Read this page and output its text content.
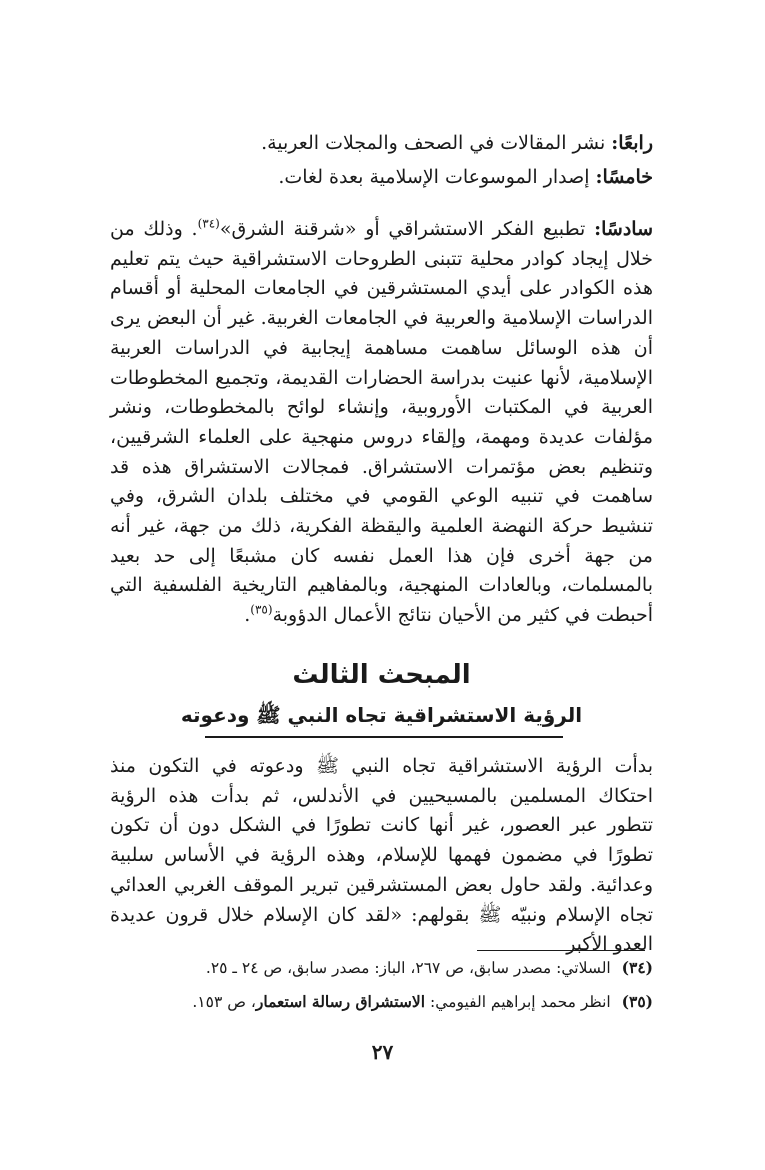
رابعًا: نشر المقالات في الصحف والمجلات العربية.

خامسًا: إصدار الموسوعات الإسلامية بعدة لغات.

سادسًا: تطبيع الفكر الاستشراقي أو «شرقنة الشرق»$^{(٣٤)}$. وذلك من خلال إيجاد كوادر محلية تتبنى الطروحات الاستشراقية حيث يتم تعليم هذه الكوادر على أيدي المستشرقين في الجامعات المحلية أو أقسام الدراسات الإسلامية والعربية في الجامعات الغربية. غير أن البعض يرى أن هذه الوسائل ساهمت مساهمة إيجابية في الدراسات العربية الإسلامية، لأنها عنيت بدراسة الحضارات القديمة، وتجميع المخطوطات العربية في المكتبات الأوروبية، وإنشاء لوائح بالمخطوطات، ونشر مؤلفات عديدة ومهمة، وإلقاء دروس منهجية على العلماء الشرقيين، وتنظيم بعض مؤتمرات الاستشراق. فمجالات الاستشراق هذه قد ساهمت في تنبيه الوعي القومي في مختلف بلدان الشرق، وفي تنشيط حركة النهضة العلمية واليقظة الفكرية، ذلك من جهة، غير أنه من جهة أخرى فإن هذا العمل نفسه كان مشبعًا إلى حد بعيد بالمسلمات، وبالعادات المنهجية، وبالمفاهيم التاريخية الفلسفية التي أحبطت في كثير من الأحيان نتائج الأعمال الدؤوبة$^{(٣٥)}$.

المبحث الثالث
الرؤية الاستشراقية تجاه النبي ﷺ ودعوته

بدأت الرؤية الاستشراقية تجاه النبي ﷺ ودعوته في التكون منذ احتكاك المسلمين بالمسيحيين في الأندلس، ثم بدأت هذه الرؤية تتطور عبر العصور، غير أنها كانت تطورًا في الشكل دون أن تكون تطورًا في مضمون فهمها للإسلام، وهذه الرؤية في الأساس سلبية وعدائية. ولقد حاول بعض المستشرقين تبرير الموقف الغربي العدائي تجاه الإسلام ونبيّه ﷺ بقولهم: «لقد كان الإسلام خلال قرون عديدة العدو الأكبر

(٣٤) السلاتي: مصدر سابق، ص ٢٦٧، الباز: مصدر سابق، ص ٢٤ ـ ٢٥.

(٣٥) انظر محمد إبراهيم الفيومي: الاستشراق رسالة استعمار، ص ١٥٣.

٢٧
